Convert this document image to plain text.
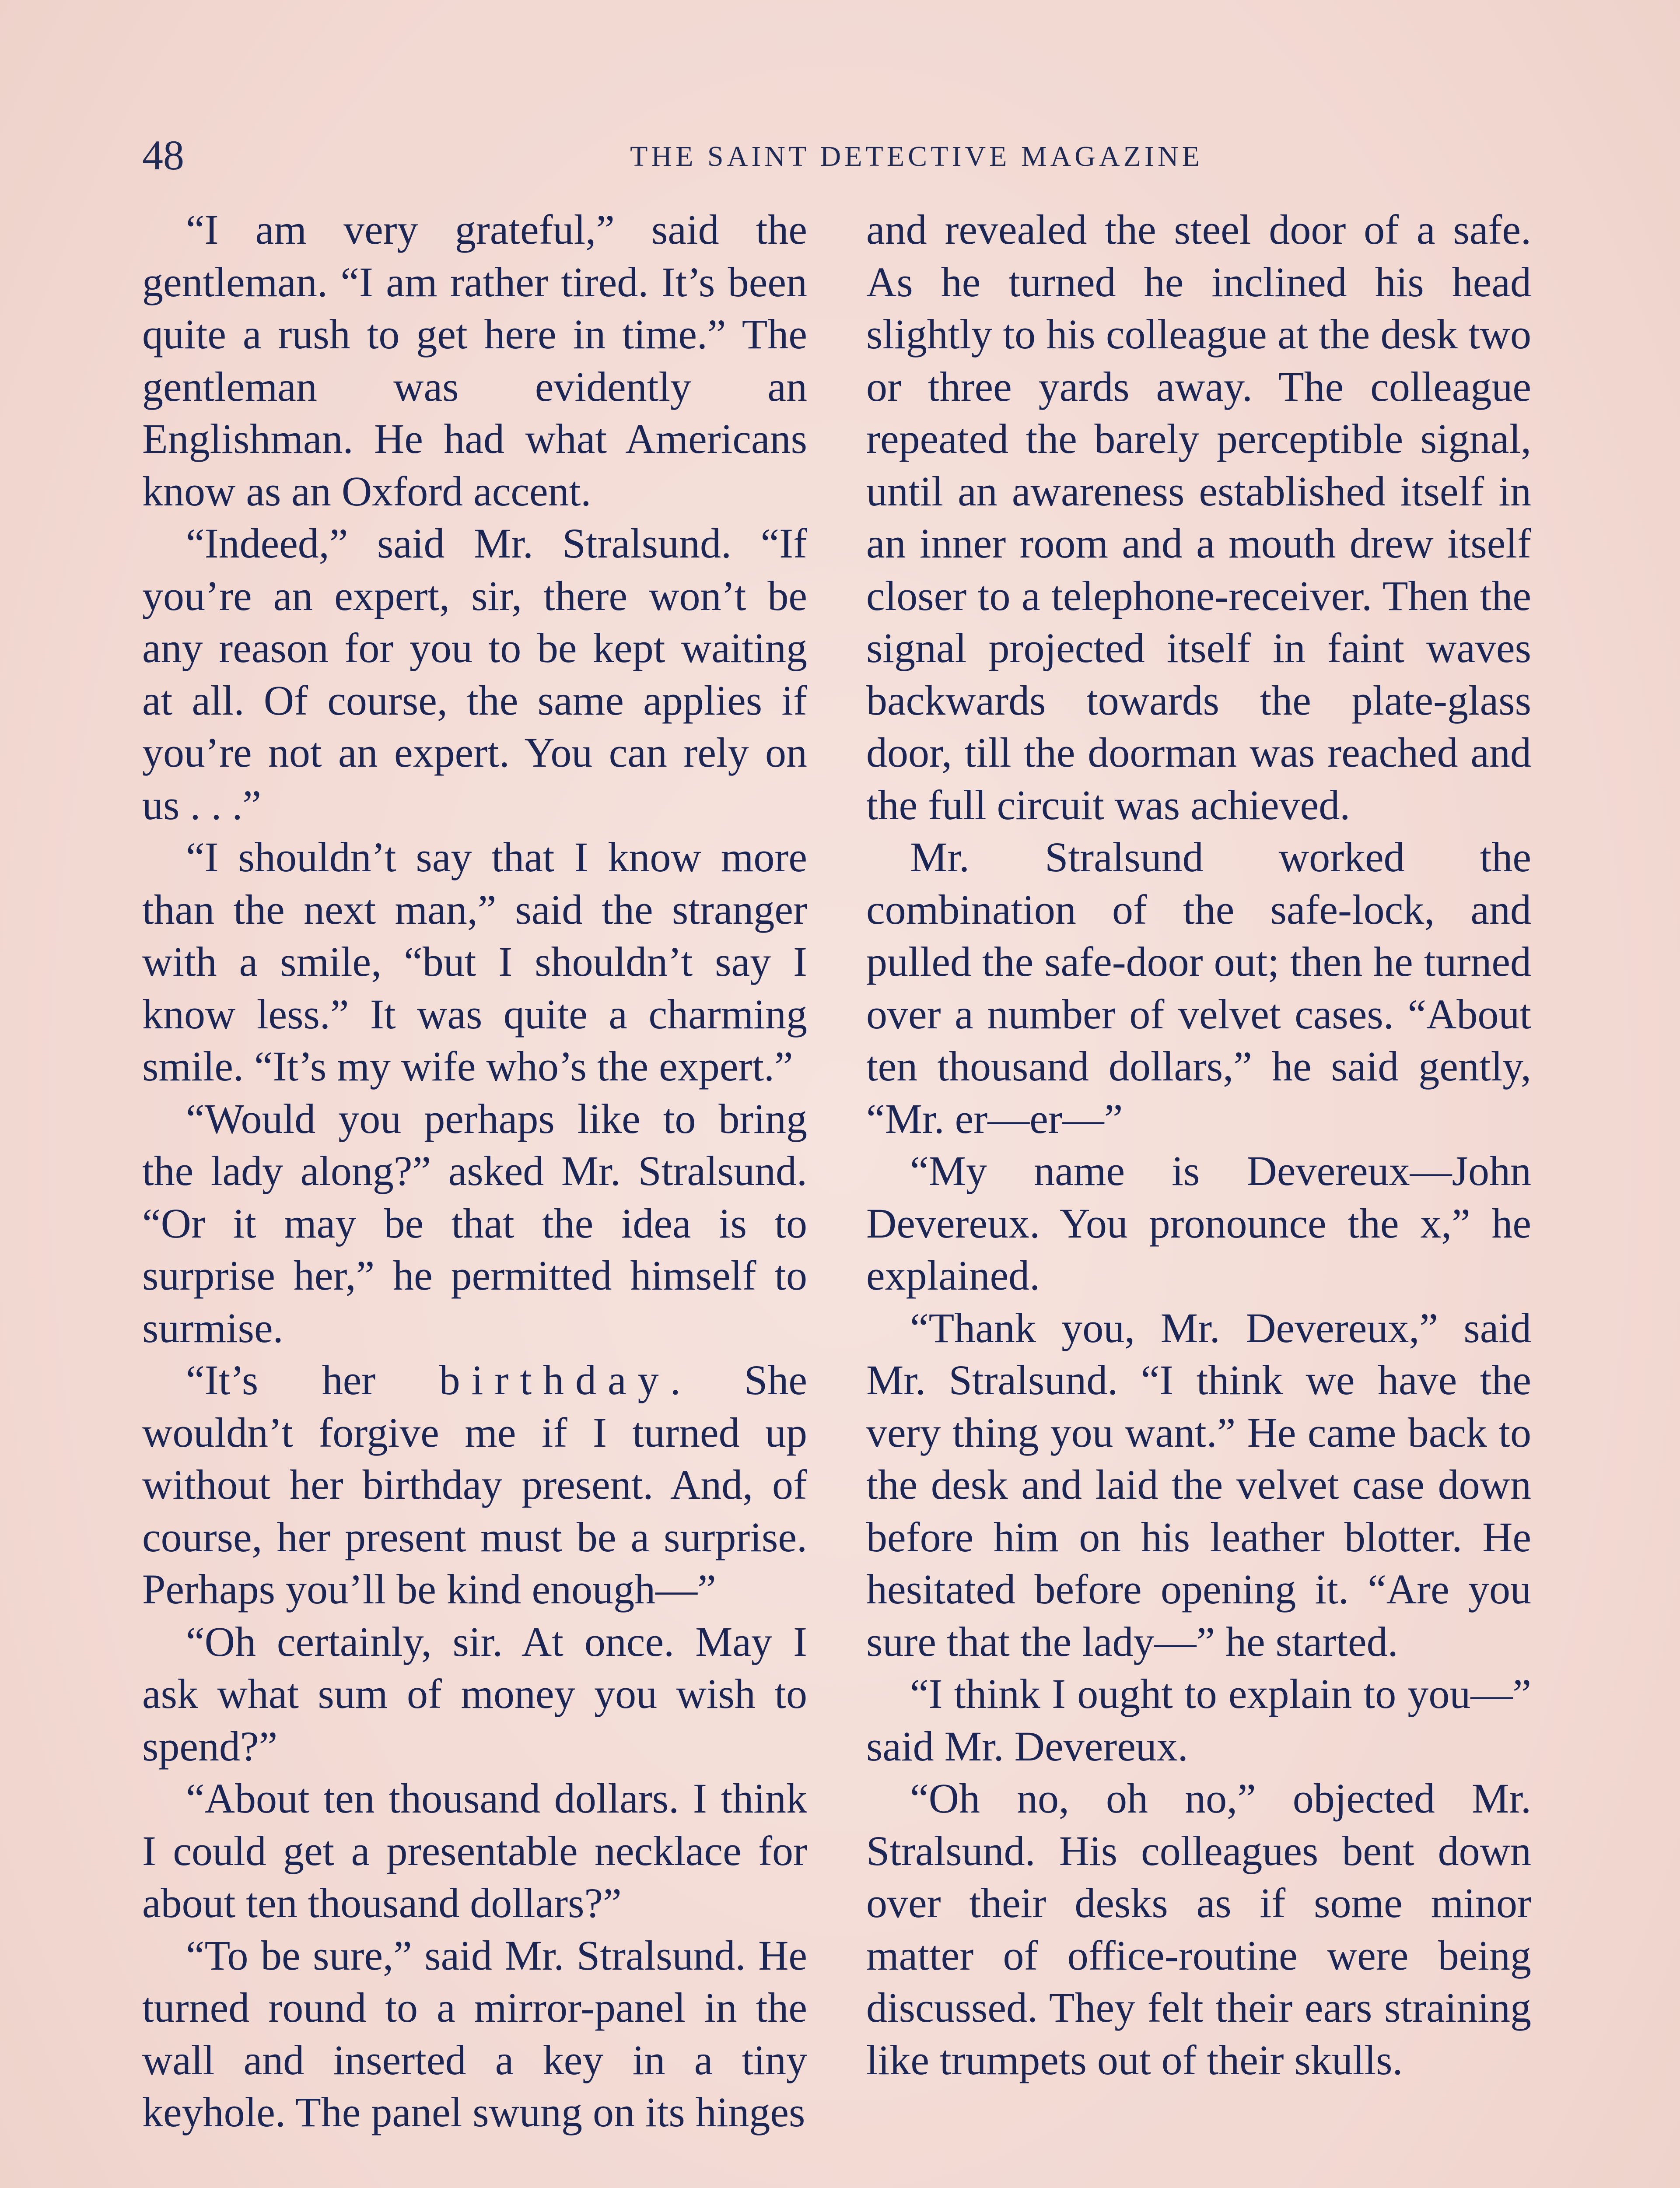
48	THE SAINT DETECTIVE MAGAZINE

“I am very grateful,” said the gentleman. “I am rather tired. It’s been quite a rush to get here in time.” The gentleman was evidently an Englishman. He had what Americans know as an Oxford accent.

“Indeed,” said Mr. Stralsund. “If you’re an expert, sir, there won’t be any reason for you to be kept waiting at all. Of course, the same applies if you’re not an expert. You can rely on us . . .”

“I shouldn’t say that I know more than the next man,” said the stranger with a smile, “but I shouldn’t say I know less.” It was quite a charming smile. “It’s my wife who’s the expert.”

“Would you perhaps like to bring the lady along?” asked Mr. Stralsund. “Or it may be that the idea is to surprise her,” he permitted himself to surmise.

“It’s her birthday. She wouldn’t forgive me if I turned up without her birthday present. And, of course, her present must be a surprise. Perhaps you’ll be kind enough—”

“Oh certainly, sir. At once. May I ask what sum of money you wish to spend?”

“About ten thousand dollars. I think I could get a presentable necklace for about ten thousand dollars?”

“To be sure,” said Mr. Stralsund. He turned round to a mirror-panel in the wall and inserted a key in a tiny keyhole. The panel swung on its hinges

and revealed the steel door of a safe. As he turned he inclined his head slightly to his colleague at the desk two or three yards away. The colleague repeated the barely perceptible signal, until an awareness established itself in an inner room and a mouth drew itself closer to a telephone-receiver. Then the signal projected itself in faint waves backwards towards the plate-glass door, till the doorman was reached and the full circuit was achieved.

Mr. Stralsund worked the combination of the safe-lock, and pulled the safe-door out; then he turned over a number of velvet cases. “About ten thousand dollars,” he said gently, “Mr. er—er—”

“My name is Devereux—John Devereux. You pronounce the x,” he explained.

“Thank you, Mr. Devereux,” said Mr. Stralsund. “I think we have the very thing you want.” He came back to the desk and laid the velvet case down before him on his leather blotter. He hesitated before opening it. “Are you sure that the lady—” he started.

“I think I ought to explain to you—” said Mr. Devereux.

“Oh no, oh no,” objected Mr. Stralsund. His colleagues bent down over their desks as if some minor matter of office-routine were being discussed. They felt their ears straining like trumpets out of their skulls.
